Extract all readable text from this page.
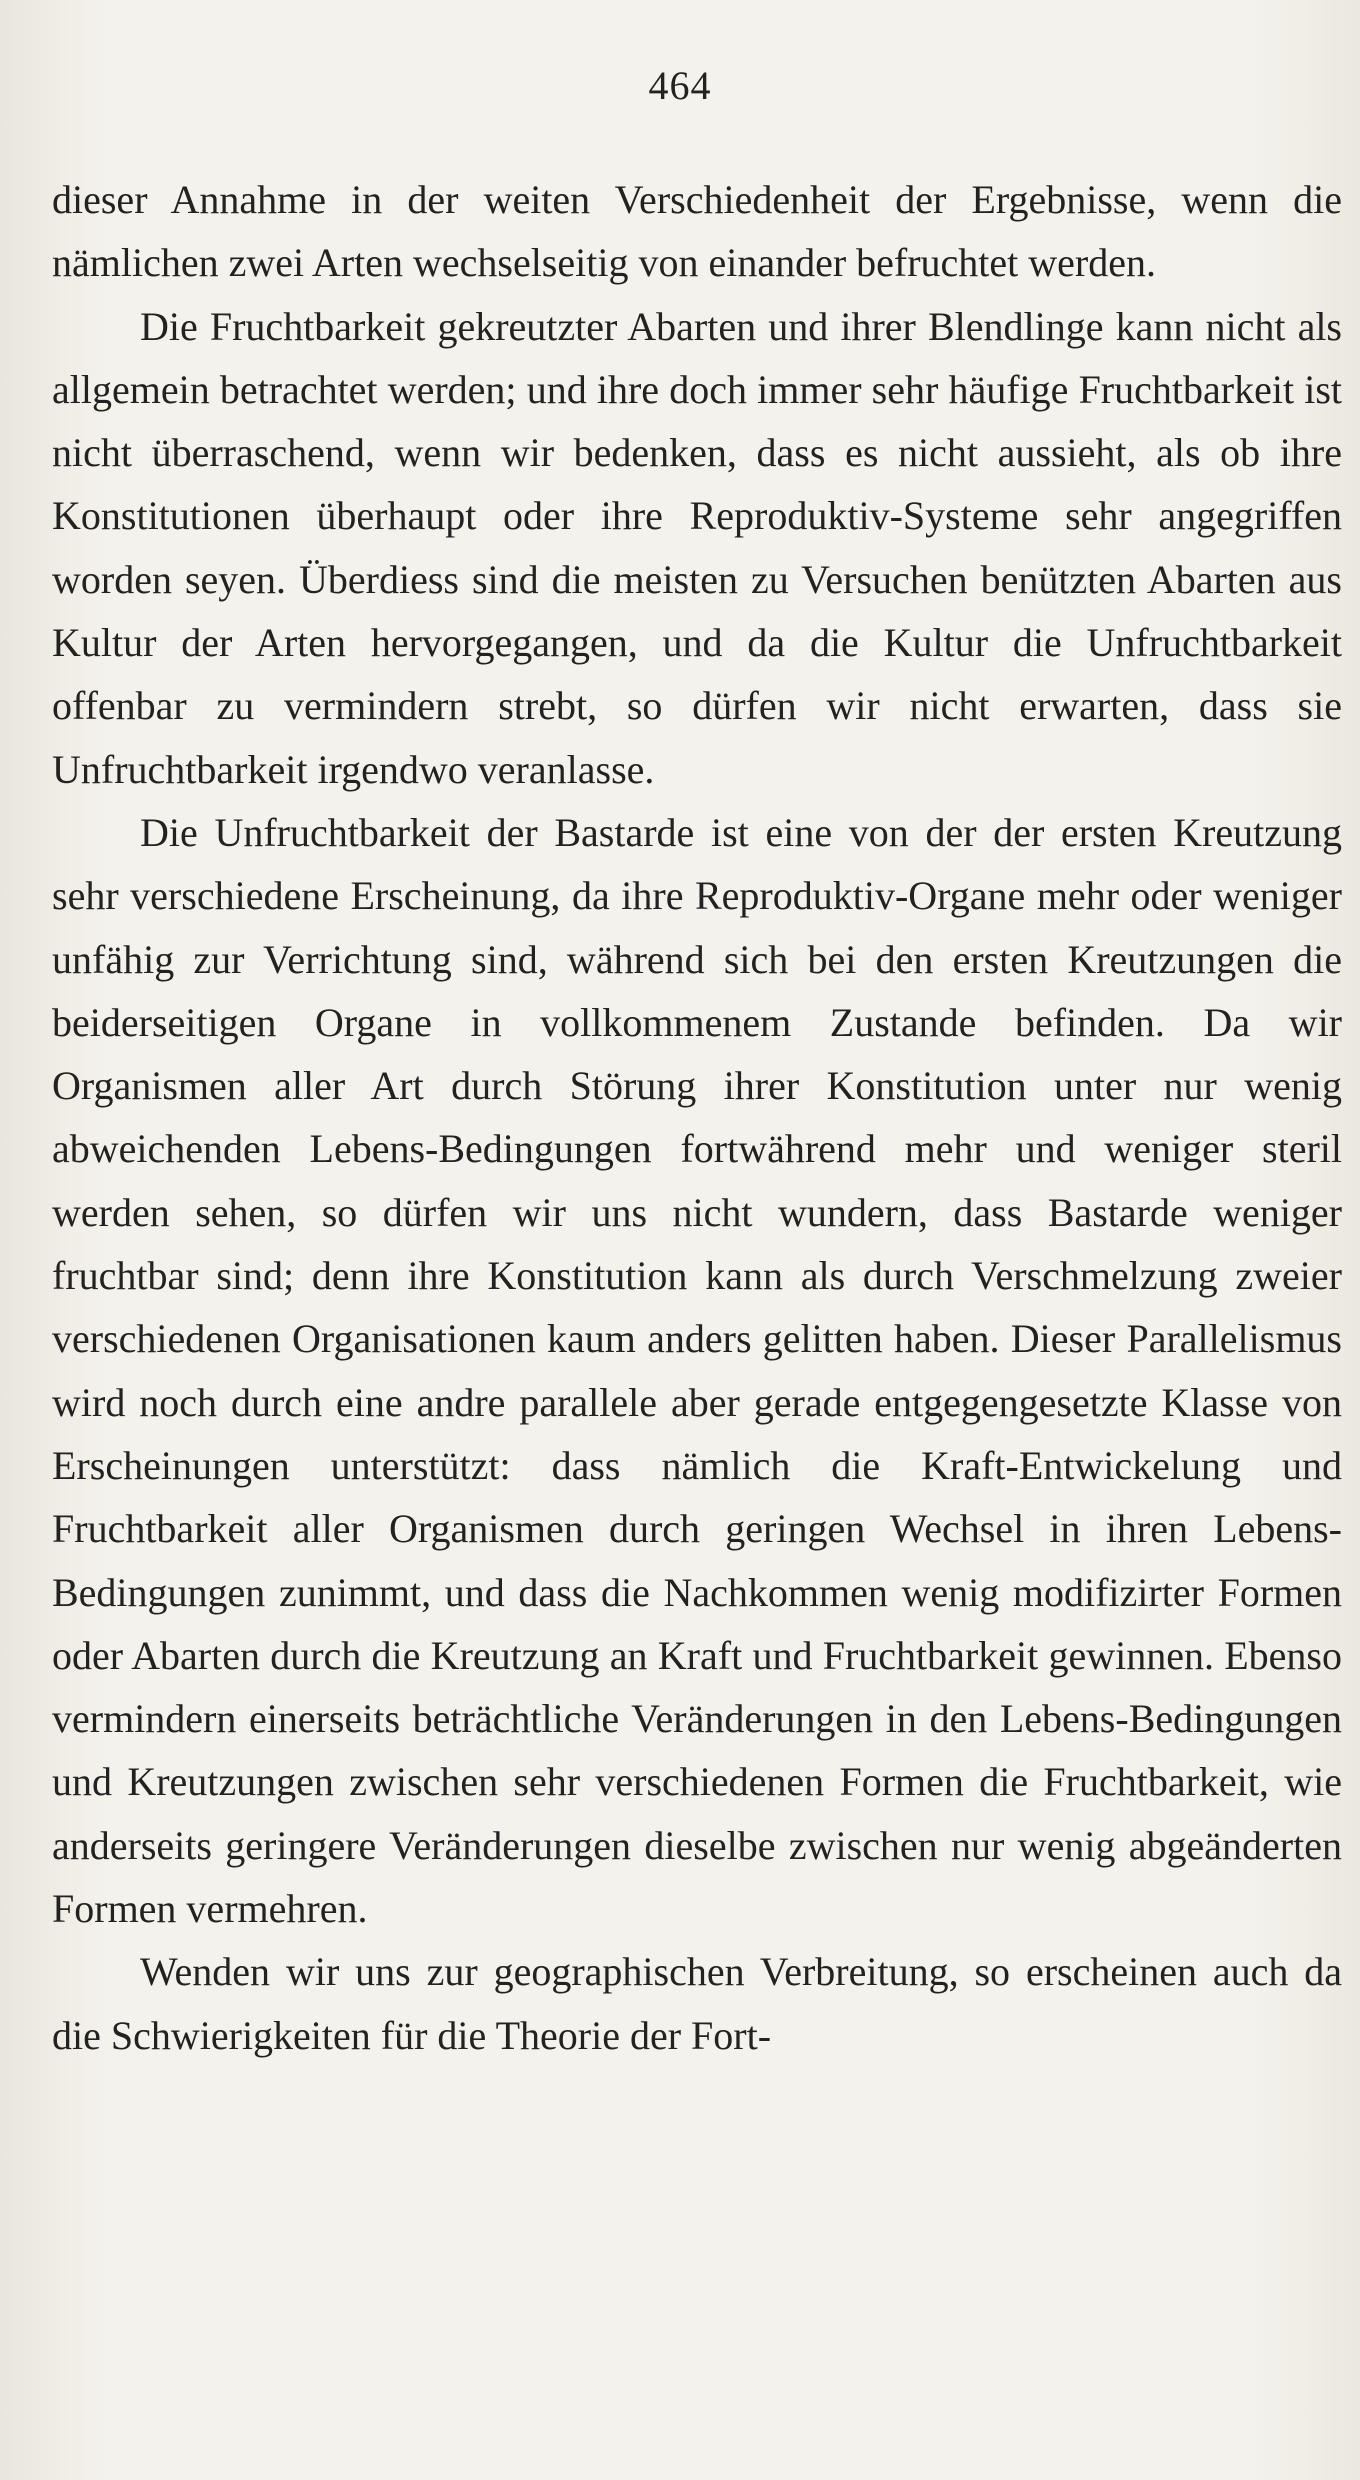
464

dieser Annahme in der weiten Verschiedenheit der Ergebnisse, wenn die nämlichen zwei Arten wechselseitig von einander befruchtet werden.

Die Fruchtbarkeit gekreutzter Abarten und ihrer Blendlinge kann nicht als allgemein betrachtet werden; und ihre doch immer sehr häufige Fruchtbarkeit ist nicht überraschend, wenn wir bedenken, dass es nicht aussieht, als ob ihre Konstitutionen überhaupt oder ihre Reproduktiv-Systeme sehr angegriffen worden seyen. Überdiess sind die meisten zu Versuchen benützten Abarten aus Kultur der Arten hervorgegangen, und da die Kultur die Unfruchtbarkeit offenbar zu vermindern strebt, so dürfen wir nicht erwarten, dass sie Unfruchtbarkeit irgendwo veranlasse.

Die Unfruchtbarkeit der Bastarde ist eine von der der ersten Kreutzung sehr verschiedene Erscheinung, da ihre Reproduktiv-Organe mehr oder weniger unfähig zur Verrichtung sind, während sich bei den ersten Kreutzungen die beiderseitigen Organe in vollkommenem Zustande befinden. Da wir Organismen aller Art durch Störung ihrer Konstitution unter nur wenig abweichenden Lebens-Bedingungen fortwährend mehr und weniger steril werden sehen, so dürfen wir uns nicht wundern, dass Bastarde weniger fruchtbar sind; denn ihre Konstitution kann als durch Verschmelzung zweier verschiedenen Organisationen kaum anders gelitten haben. Dieser Parallelismus wird noch durch eine andre parallele aber gerade entgegengesetzte Klasse von Erscheinungen unterstützt: dass nämlich die Kraft-Entwickelung und Fruchtbarkeit aller Organismen durch geringen Wechsel in ihren Lebens-Bedingungen zunimmt, und dass die Nachkommen wenig modifizirter Formen oder Abarten durch die Kreutzung an Kraft und Fruchtbarkeit gewinnen. Ebenso vermindern einerseits beträchtliche Veränderungen in den Lebens-Bedingungen und Kreutzungen zwischen sehr verschiedenen Formen die Fruchtbarkeit, wie anderseits geringere Veränderungen dieselbe zwischen nur wenig abgeänderten Formen vermehren.

Wenden wir uns zur geographischen Verbreitung, so erscheinen auch da die Schwierigkeiten für die Theorie der Fort-
